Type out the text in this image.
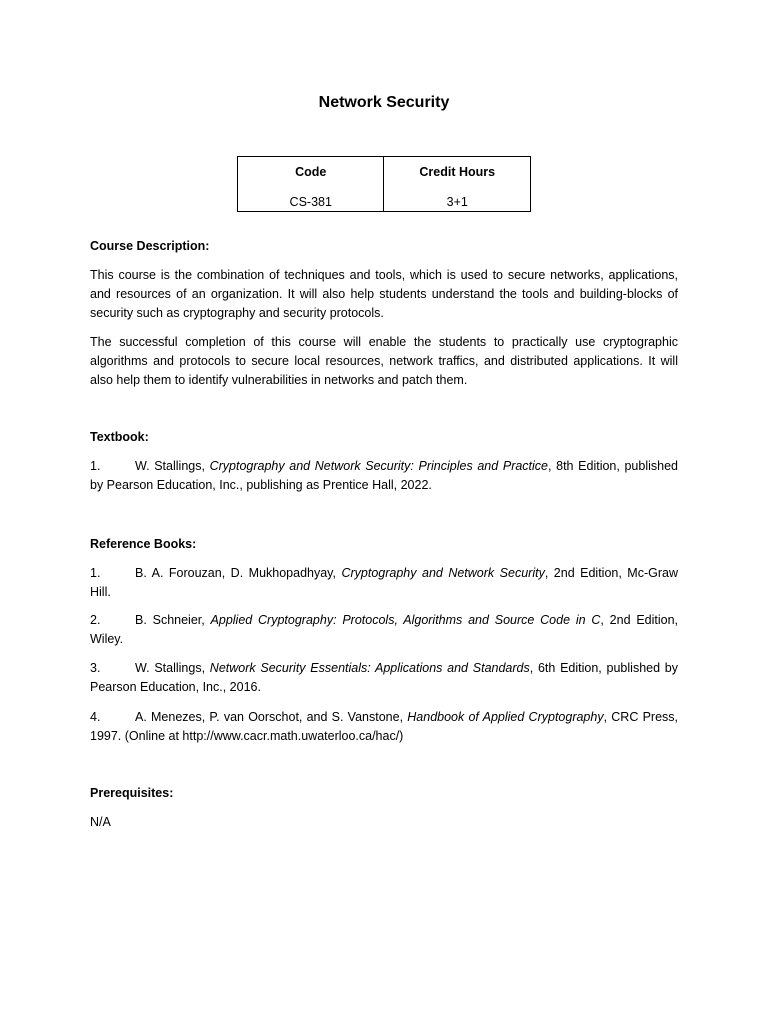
Network Security
Code	Credit Hours
CS-381	3+1
Course Description:
This course is the combination of techniques and tools, which is used to secure networks, applications, and resources of an organization. It will also help students understand the tools and building-blocks of security such as cryptography and security protocols.
The successful completion of this course will enable the students to practically use cryptographic algorithms and protocols to secure local resources, network traffics, and distributed applications. It will also help them to identify vulnerabilities in networks and patch them.
Textbook:
1.	W. Stallings, Cryptography and Network Security: Principles and Practice, 8th Edition, published by Pearson Education, Inc., publishing as Prentice Hall, 2022.
Reference Books:
1.	B. A. Forouzan, D. Mukhopadhyay, Cryptography and Network Security, 2nd Edition, Mc-Graw Hill.
2.	B. Schneier, Applied Cryptography: Protocols, Algorithms and Source Code in C, 2nd Edition, Wiley.
3.	W. Stallings, Network Security Essentials: Applications and Standards, 6th Edition, published by Pearson Education, Inc., 2016.
4.	A. Menezes, P. van Oorschot, and S. Vanstone, Handbook of Applied Cryptography, CRC Press, 1997. (Online at http://www.cacr.math.uwaterloo.ca/hac/)
Prerequisites:
N/A
